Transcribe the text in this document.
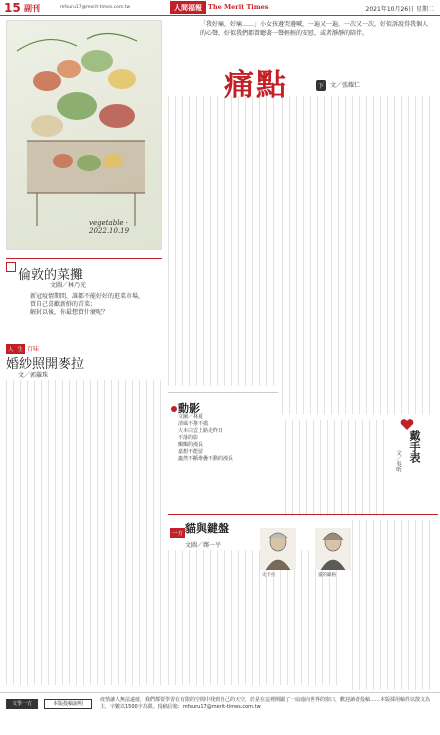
15 副刊	mfsuru17@merit-times.com.tw	人間福報 The Merit Times	2021年10月26日 星期二
vegetable · 2022.10.19
「我好痛，好痛……」小女孩邊哭邊喊，一遍又一遍，一次又一次，好似訴說得我個人的心聲，好似我們都曾聽著一聲輕輕的安慰，或者靜靜的陪伴。
痛點	下 文／張耀仁
倫敦的菜攤
文圖／林乃光
新冠疫情期間，誰都不能好好的逛菜市場，
買自己喜歡新鮮的青菜；
解封以後，你最想買什麼呢？
人 生 百味
婚紗照開麥拉
文／郭羅珠
動影
文圖／林夏
清風不推不擋
大本白雲上路走昨日
不落的影
燭燭的漫長
嘉想不能留
蟲然不斷堆疊不動的漫長	戴手表
文／吳昕
一方 貓與鍵盤
文圖／鄭一平
史卡拉	貓的賦格
文學一方	本版投稿說明
疫情讓人無法遠遊，我們都要學習在有限的空間中找到自己的天空，於是在這裡開闢了一扇通向世界的窗口，歡迎讀者投稿……本版採用稿件以散文為主，字數以1500字為限。投稿信箱：mfsuru17@merit-times.com.tw
